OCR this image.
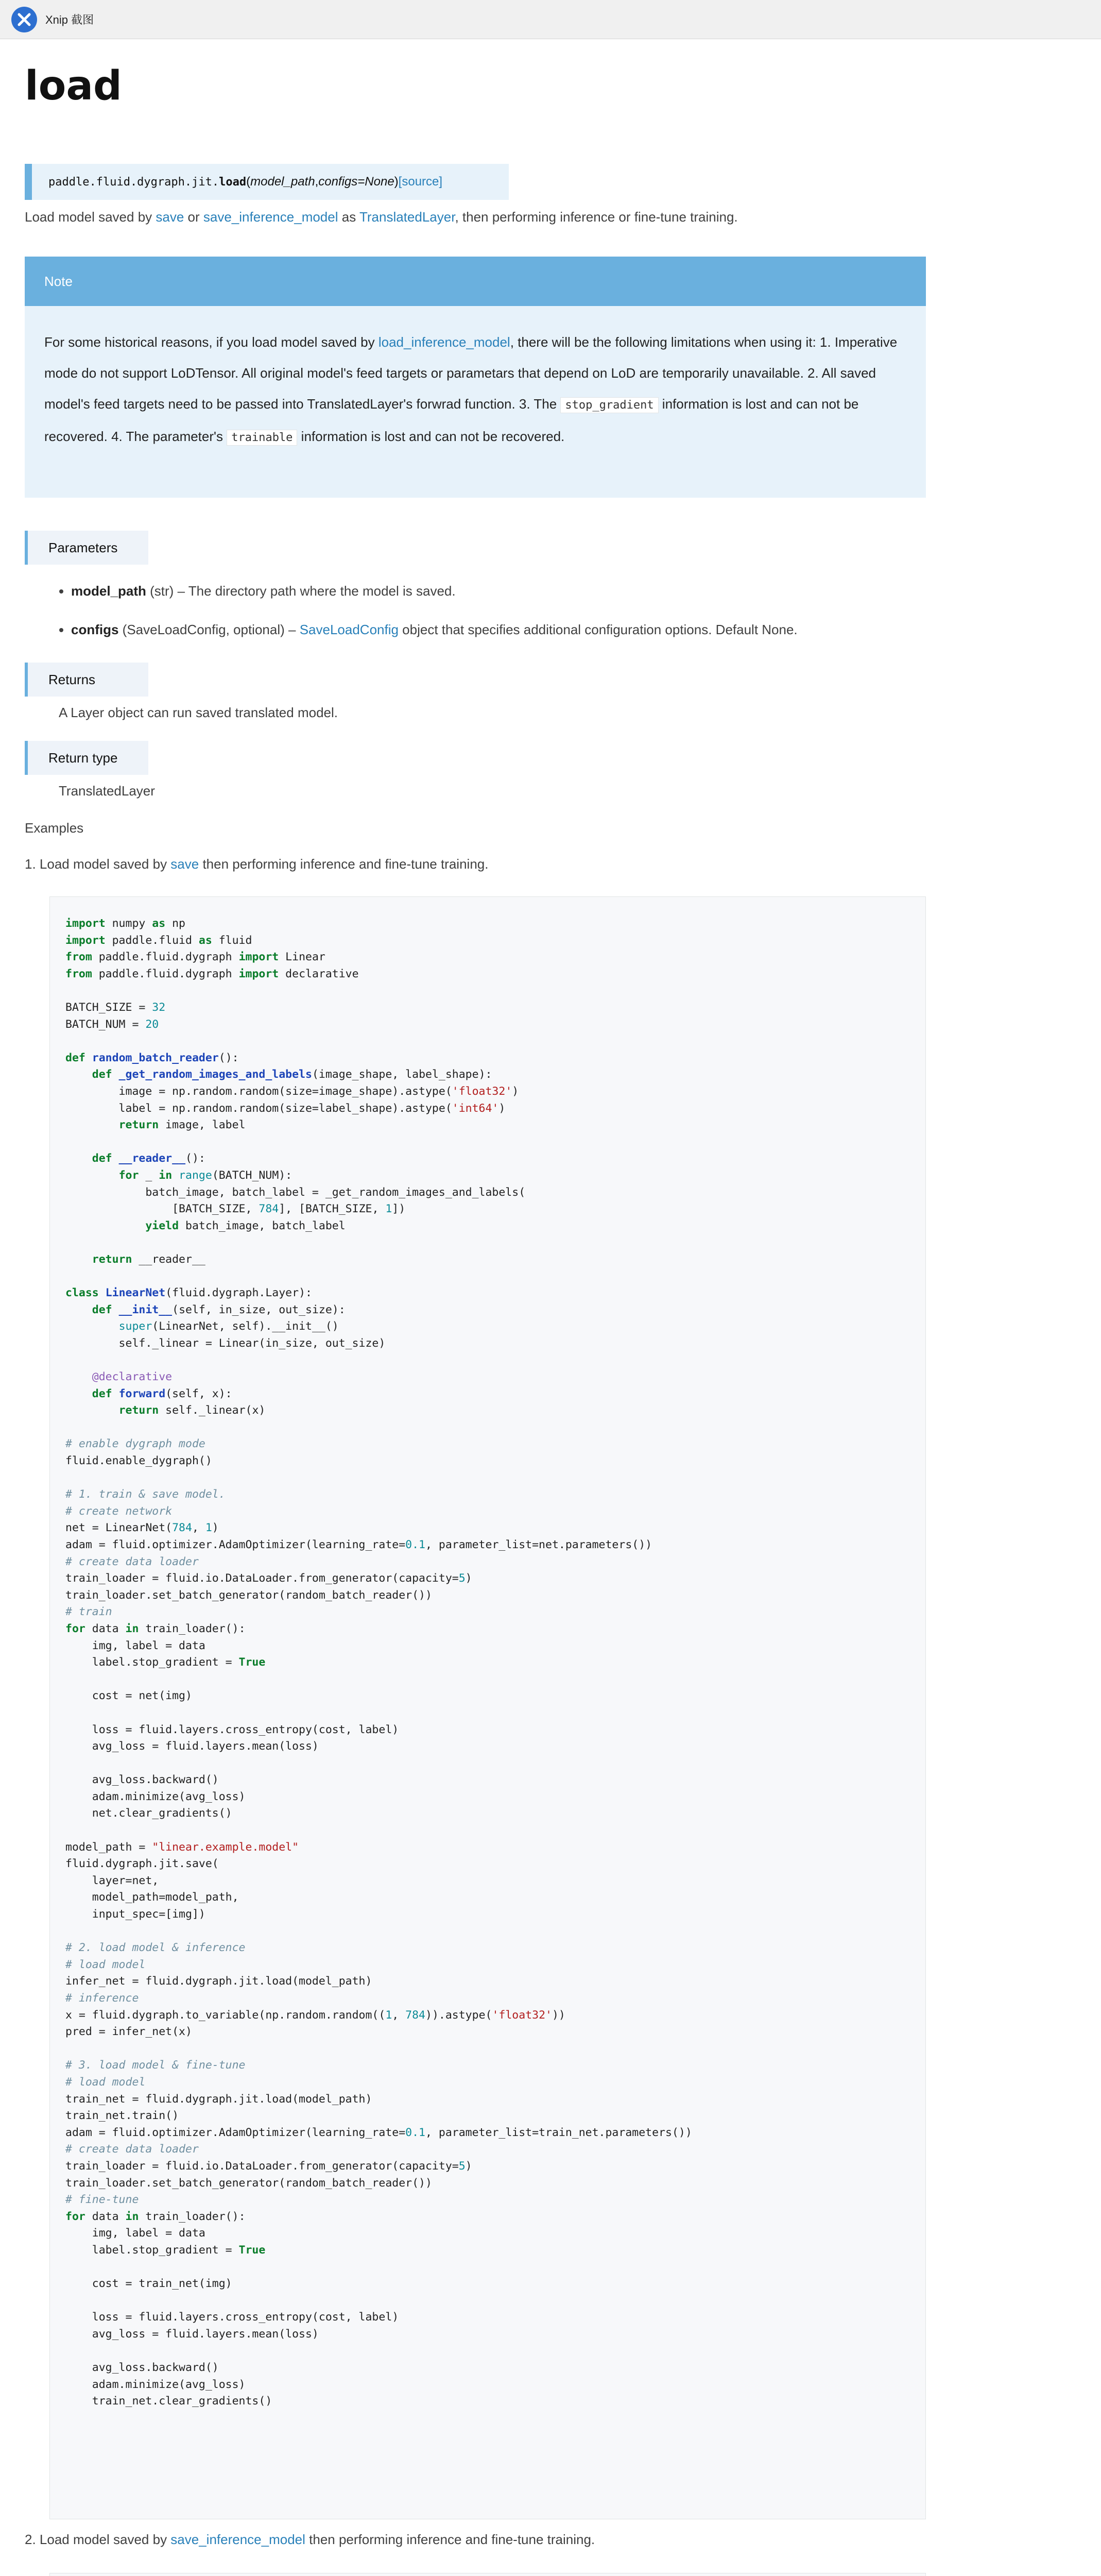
Xnip 截图
load
paddle.fluid.dygraph.jit. load ( model_path , configs=None ) [source]
Load model saved by save or save_inference_model as TranslatedLayer, then performing inference or fine-tune training.
Note
For some historical reasons, if you load model saved by load_inference_model, there will be the following limitations when using it: 1. Imperative mode do not support LoDTensor. All original model's feed targets or parametars that depend on LoD are temporarily unavailable. 2. All saved model's feed targets need to be passed into TranslatedLayer's forwrad function. 3. The stop_gradient information is lost and can not be recovered. 4. The parameter's trainable information is lost and can not be recovered.
Parameters
• model_path (str) – The directory path where the model is saved.
• configs (SaveLoadConfig, optional) – SaveLoadConfig object that specifies additional configuration options. Default None.
Returns
A Layer object can run saved translated model.
Return type
TranslatedLayer
Examples
1. Load model saved by save then performing inference and fine-tune training.
import numpy as np
import paddle.fluid as fluid
from paddle.fluid.dygraph import Linear
from paddle.fluid.dygraph import declarative

BATCH_SIZE = 32
BATCH_NUM = 20

def random_batch_reader():
def _get_random_images_and_labels(image_shape, label_shape):
image = np.random.random(size=image_shape).astype('float32')
label = np.random.random(size=label_shape).astype('int64')
return image, label

def __reader__():
for _ in range(BATCH_NUM):
batch_image, batch_label = _get_random_images_and_labels(
[BATCH_SIZE, 784], [BATCH_SIZE, 1])
yield batch_image, batch_label

return __reader__

class LinearNet(fluid.dygraph.Layer):
def __init__(self, in_size, out_size):
super(LinearNet, self).__init__()
self._linear = Linear(in_size, out_size)

@declarative
def forward(self, x):
return self._linear(x)

# enable dygraph mode
fluid.enable_dygraph()

# 1. train & save model.
# create network
net = LinearNet(784, 1)
adam = fluid.optimizer.AdamOptimizer(learning_rate=0.1, parameter_list=net.parameters())
# create data loader
train_loader = fluid.io.DataLoader.from_generator(capacity=5)
train_loader.set_batch_generator(random_batch_reader())
# train
for data in train_loader():
img, label = data
label.stop_gradient = True

cost = net(img)

loss = fluid.layers.cross_entropy(cost, label)
avg_loss = fluid.layers.mean(loss)

avg_loss.backward()
adam.minimize(avg_loss)
net.clear_gradients()

model_path = "linear.example.model"
fluid.dygraph.jit.save(
layer=net,
model_path=model_path,
input_spec=[img])

# 2. load model & inference
# load model
infer_net = fluid.dygraph.jit.load(model_path)
# inference
x = fluid.dygraph.to_variable(np.random.random((1, 784)).astype('float32'))
pred = infer_net(x)

# 3. load model & fine-tune
# load model
train_net = fluid.dygraph.jit.load(model_path)
train_net.train()
adam = fluid.optimizer.AdamOptimizer(learning_rate=0.1, parameter_list=train_net.parameters())
# create data loader
train_loader = fluid.io.DataLoader.from_generator(capacity=5)
train_loader.set_batch_generator(random_batch_reader())
# fine-tune
for data in train_loader():
img, label = data
label.stop_gradient = True

cost = train_net(img)

loss = fluid.layers.cross_entropy(cost, label)
avg_loss = fluid.layers.mean(loss)

avg_loss.backward()
adam.minimize(avg_loss)
train_net.clear_gradients()
2. Load model saved by save_inference_model then performing inference and fine-tune training.
